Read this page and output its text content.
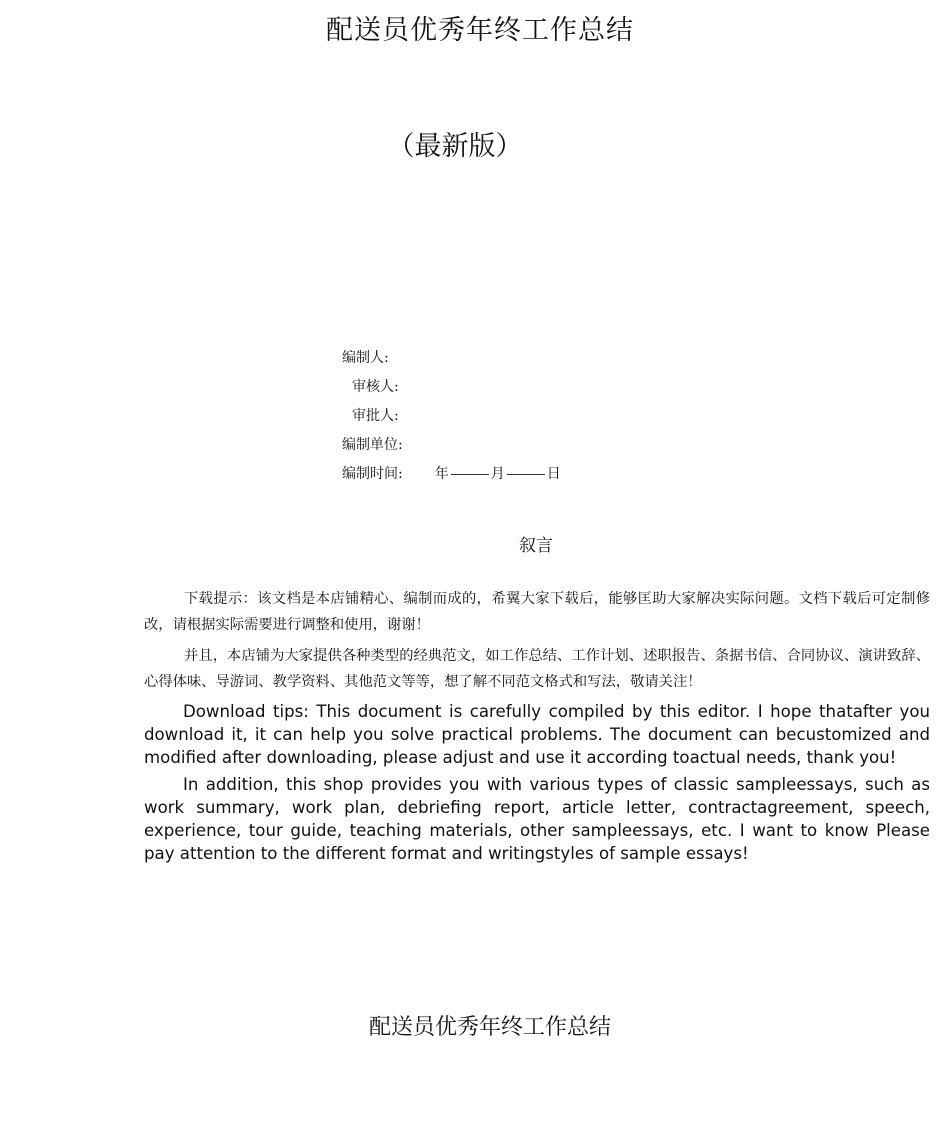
配送员优秀年终工作总结
（最新版）
编制人:
审核人:
审批人:
编制单位:
编制时间:	年	月	日
叙言

下载提示：该文档是本店铺精心、编制而成的，希翼大家下载后，能够匡助大家解决实际问题。文档下载后可定制修改，请根据实际需要进行调整和使用，谢谢！

并且，本店铺为大家提供各种类型的经典范文，如工作总结、工作计划、述职报告、条据书信、合同协议、演讲致辞、心得体味、导游词、教学资料、其他范文等等，想了解不同范文格式和写法，敬请关注！

Download tips: This document is carefully compiled by this editor. I hope thatafter you download it, it can help you solve practical problems. The document can becustomized and modified after downloading, please adjust and use it according toactual needs, thank you!

In addition, this shop provides you with various types of classic sampleessays, such as work summary, work plan, debriefing report, article letter, contractagreement, speech, experience, tour guide, teaching materials, other sampleessays, etc. I want to know Please pay attention to the different format and writingstyles of sample essays!

配送员优秀年终工作总结
